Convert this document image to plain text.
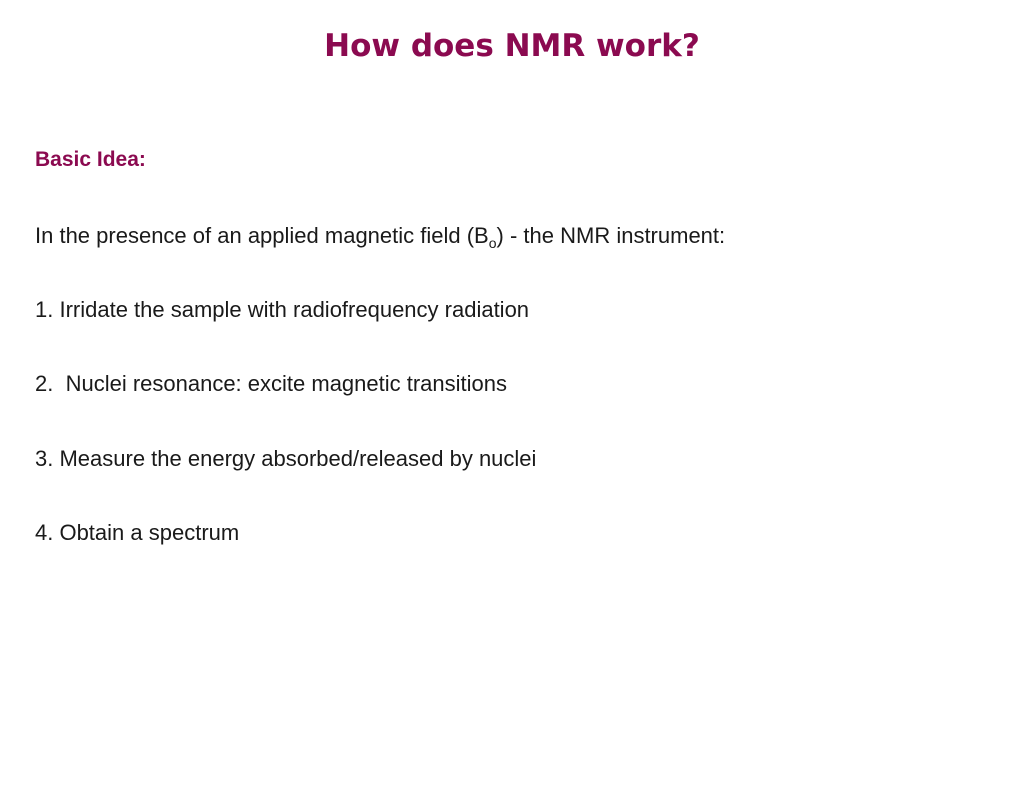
How does NMR work?

Basic Idea:

In the presence of an applied magnetic field $(B_o)$ - the NMR instrument:

1. Irridate the sample with radiofrequency radiation

2.  Nuclei resonance: excite magnetic transitions

3. Measure the energy absorbed/released by nuclei

4. Obtain a spectrum
